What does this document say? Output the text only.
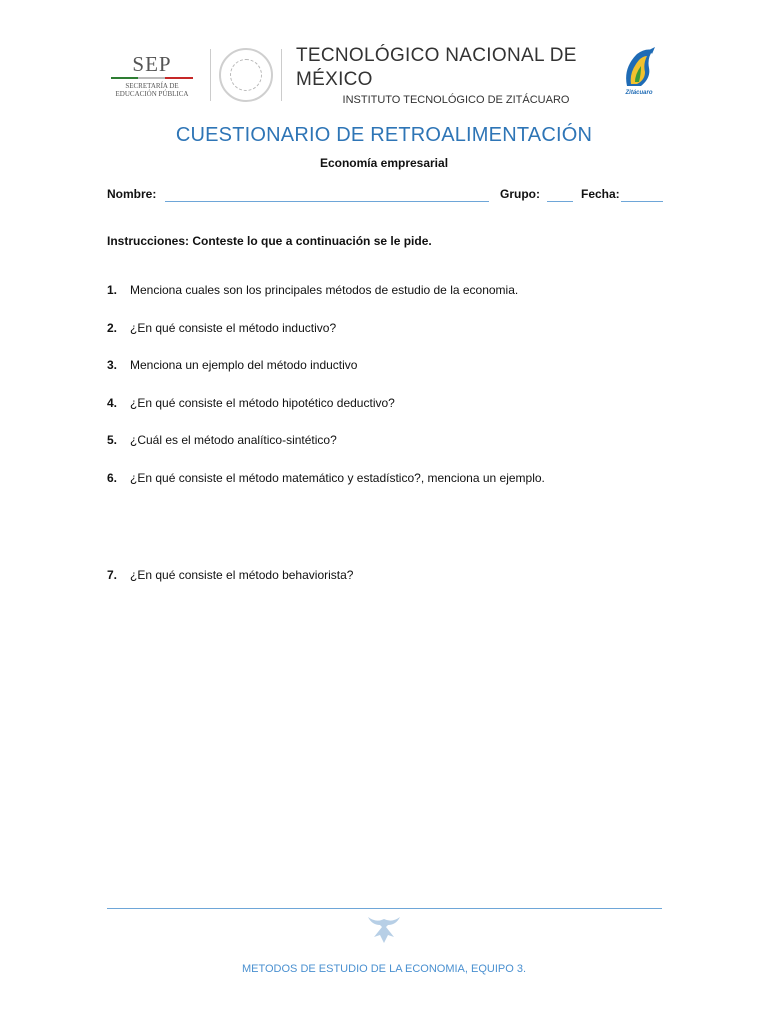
SEP
SECRETARÍA DE
EDUCACIÓN PÚBLICA
TECNOLÓGICO NACIONAL DE MÉXICO
INSTITUTO TECNOLÓGICO DE ZITÁCUARO
Zitácuaro
CUESTIONARIO DE RETROALIMENTACIÓN
Economía empresarial
Nombre:	Grupo:	Fecha:
Instrucciones: Conteste lo que a continuación se le pide.
1.	Menciona cuales son los principales métodos de estudio de la economia.
2.	¿En qué consiste el método inductivo?
3.	Menciona un ejemplo del método inductivo
4.	¿En qué consiste el método hipotético deductivo?
5.	¿Cuál es el método analítico-sintético?
6.	¿En qué consiste el método matemático y estadístico?, menciona un ejemplo.
7.	¿En qué consiste el método behaviorista?
METODOS DE ESTUDIO DE LA ECONOMIA, EQUIPO 3.
